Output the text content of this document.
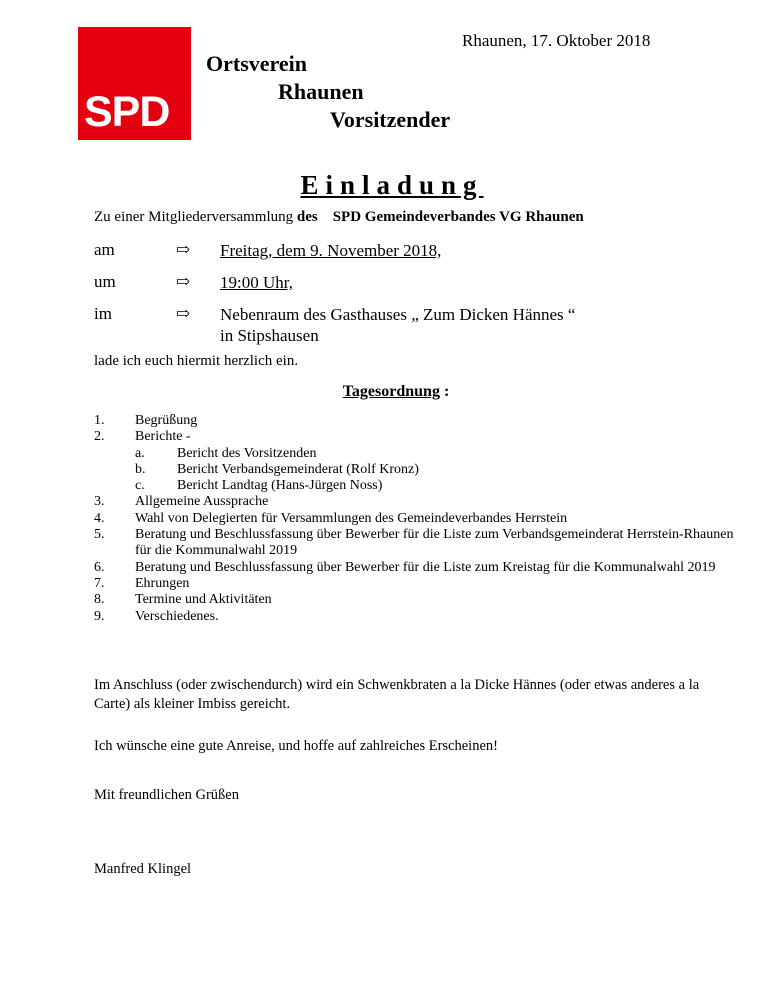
SPD
Rhaunen, 17. Oktober 2018
Ortsverein
Rhaunen
Vorsitzender
Einladung
Zu einer Mitgliederversammlung des SPD Gemeindeverbandes VG Rhaunen
am	⇨ Freitag, dem 9. November 2018,
um	⇨ 19:00 Uhr,
im	⇨ Nebenraum des Gasthauses „ Zum Dicken Hännes “
in Stipshausen
lade ich euch hiermit herzlich ein.
Tagesordnung :
1.	Begrüßung
2.	Berichte -
a.	Bericht des Vorsitzenden
b.	Bericht Verbandsgemeinderat (Rolf Kronz)
c.	Bericht Landtag (Hans-Jürgen Noss)
3.	Allgemeine Aussprache
4.	Wahl von Delegierten für Versammlungen des Gemeindeverbandes Herrstein
5.	Beratung und Beschlussfassung über Bewerber für die Liste zum Verbandsgemeinderat Herrstein-Rhaunen für die Kommunalwahl 2019
6.	Beratung und Beschlussfassung über Bewerber für die Liste zum Kreistag für die Kommunalwahl 2019
7.	Ehrungen
8.	Termine und Aktivitäten
9.	Verschiedenes.
Im Anschluss (oder zwischendurch) wird ein Schwenkbraten a la Dicke Hännes (oder etwas anderes a la Carte) als kleiner Imbiss gereicht.
Ich wünsche eine gute Anreise, und hoffe auf zahlreiches Erscheinen!
Mit freundlichen Grüßen
Manfred Klingel
